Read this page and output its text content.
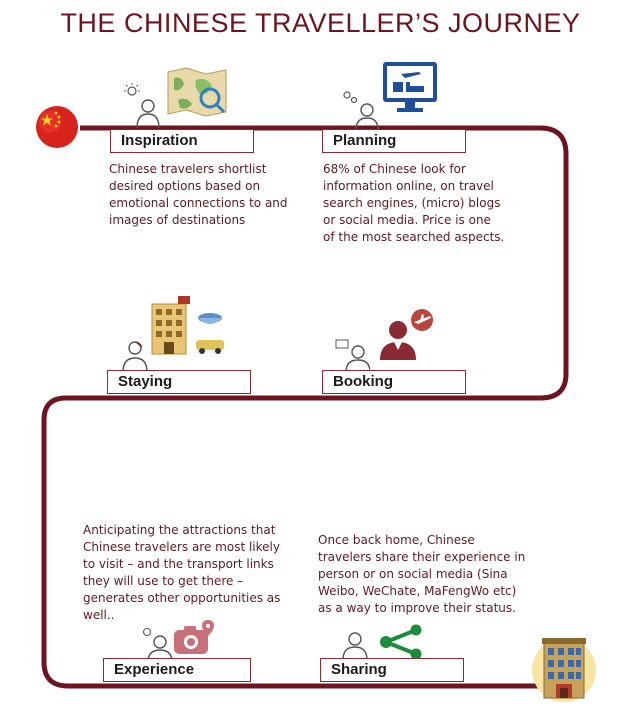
THE CHINESE TRAVELLER’S JOURNEY
Inspiration
Chinese travelers shortlist
desired options based on
emotional connections to and
images of destinations
Planning
68% of Chinese look for
information online, on travel
search engines, (micro) blogs
or social media. Price is one
of the most searched aspects.
Staying	Booking
Anticipating the attractions that
Chinese travelers are most likely
to visit – and the transport links
they will use to get there –
generates other opportunities as
well..
Experience
Once back home, Chinese
travelers share their experience in
person or on social media (Sina
Weibo, WeChate, MaFengWo etc)
as a way to improve their status.
Sharing
